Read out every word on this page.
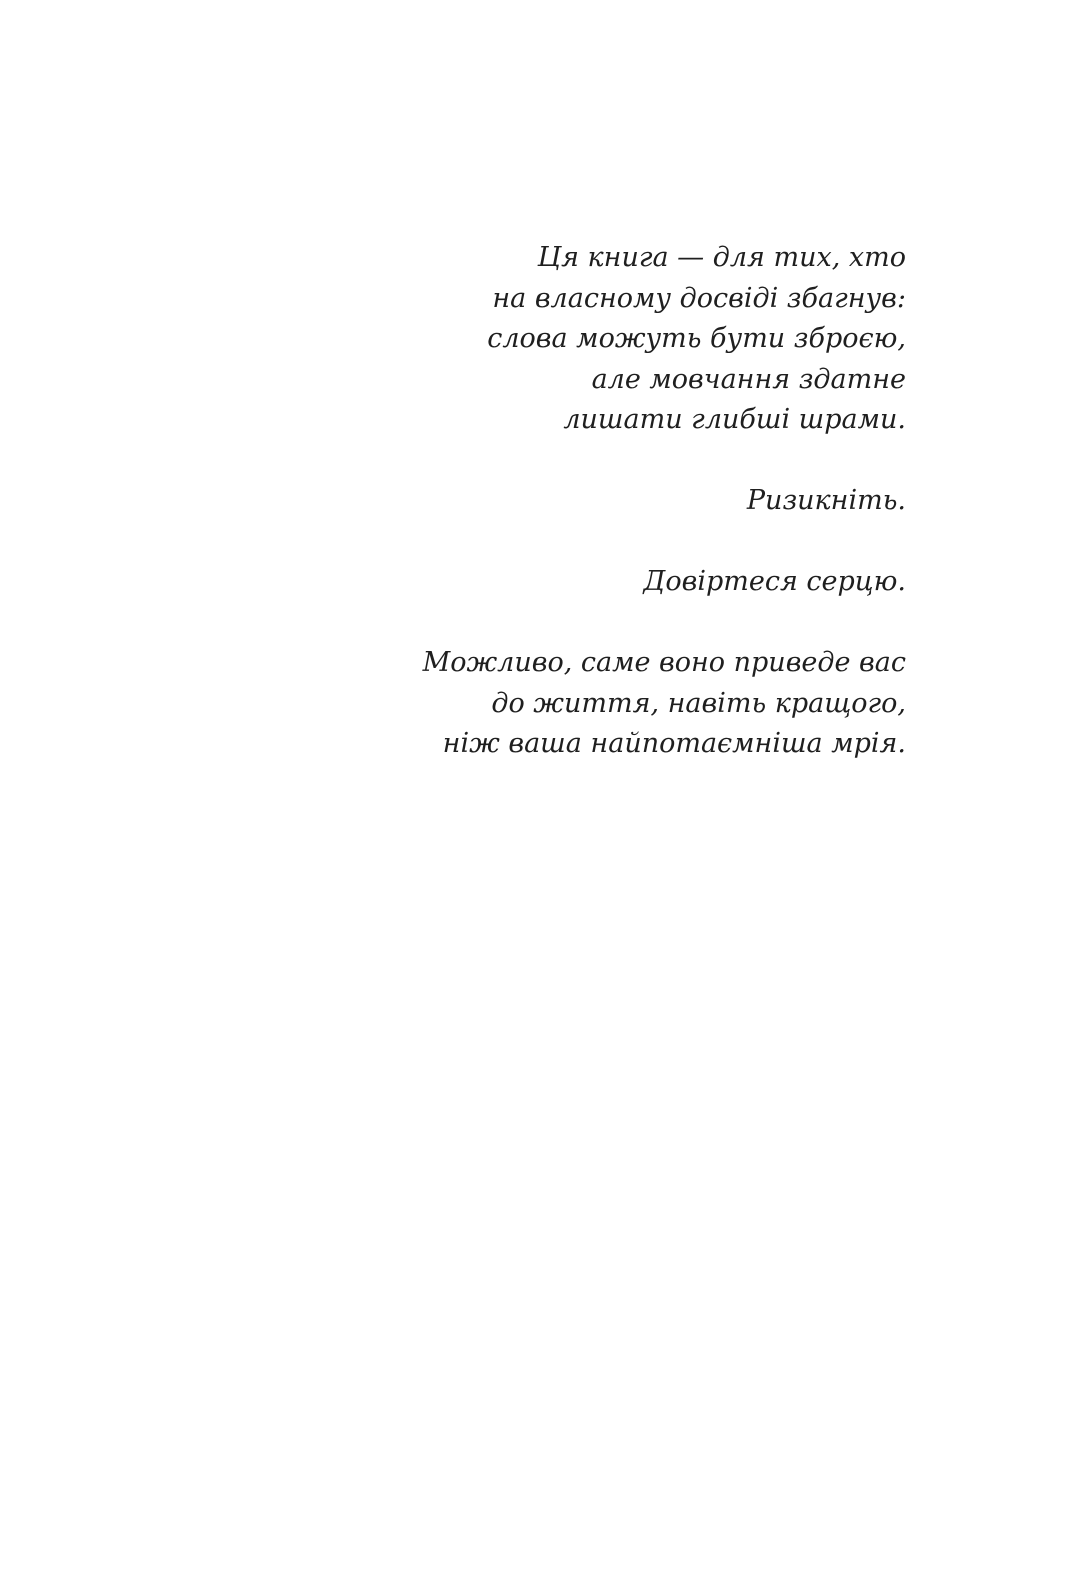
Ця книга — для тих, хто
на власному досвіді збагнув:
слова можуть бути зброєю,
але мовчання здатне
лишати глибші шрами.
Ризикніть.
Довіртеся серцю.
Можливо, саме воно приведе вас
до життя, навіть кращого,
ніж ваша найпотаємніша мрія.
